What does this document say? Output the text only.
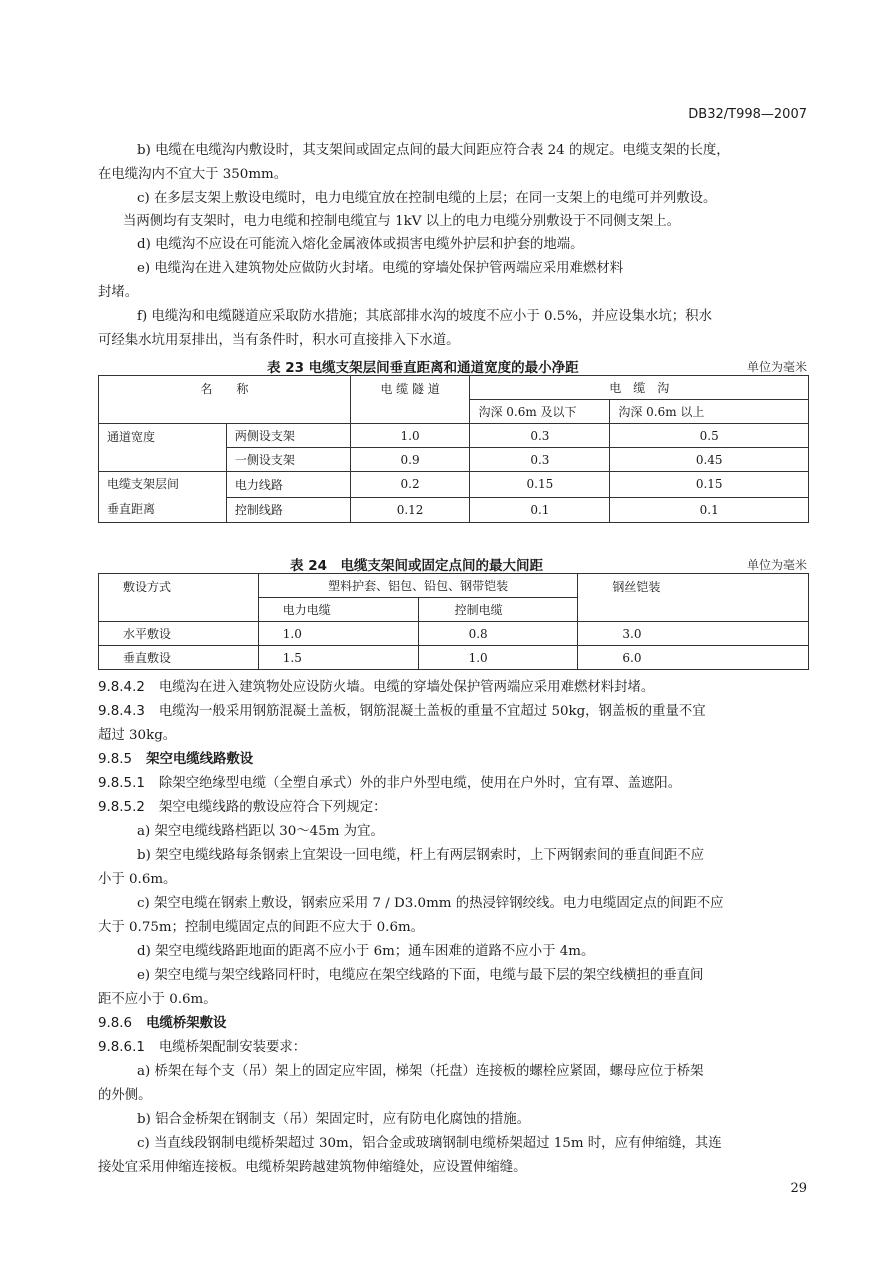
DB32/T998—2007
b) 电缆在电缆沟内敷设时，其支架间或固定点间的最大间距应符合表 24 的规定。电缆支架的长度，
在电缆沟内不宜大于 350mm。
c) 在多层支架上敷设电缆时，电力电缆宜放在控制电缆的上层；在同一支架上的电缆可并列敷设。
当两侧均有支架时，电力电缆和控制电缆宜与 1kV 以上的电力电缆分别敷设于不同侧支架上。
d) 电缆沟不应设在可能流入熔化金属液体或损害电缆外护层和护套的地端。
e) 电缆沟在进入建筑物处应做防火封堵。电缆的穿墙处保护管两端应采用难燃材料
封堵。
f) 电缆沟和电缆隧道应采取防水措施；其底部排水沟的坡度不应小于 0.5%，并应设集水坑；积水
可经集水坑用泵排出，当有条件时，积水可直接排入下水道。
表 23 电缆支架层间垂直距离和通道宽度的最小净距	单位为毫米
名　　称		电 缆 隧 道	电　缆　沟	
			沟深 0.6m 及以下	沟深 0.6m 以上
通道宽度	两侧设支架	1.0	0.3	0.5
	一侧设支架	0.9	0.3	0.45
电缆支架层间
垂直距离	电力线路	0.2	0.15	0.15
	控制线路	0.12	0.1	0.1
表 24　电缆支架间或固定点间的最大间距	单位为毫米
敷设方式	塑料护套、铝包、铅包、钢带铠装		钢丝铠装
	电力电缆	控制电缆	
水平敷设	1.0	0.8	3.0
垂直敷设	1.5	1.0	6.0
9.8.4.2 电缆沟在进入建筑物处应设防火墙。电缆的穿墙处保护管两端应采用难燃材料封堵。
9.8.4.3 电缆沟一般采用钢筋混凝土盖板，钢筋混凝土盖板的重量不宜超过 50kg，钢盖板的重量不宜
超过 30kg。
9.8.5 架空电缆线路敷设
9.8.5.1 除架空绝缘型电缆（全塑自承式）外的非户外型电缆，使用在户外时，宜有罩、盖遮阳。
9.8.5.2 架空电缆线路的敷设应符合下列规定：
a) 架空电缆线路档距以 30～45m 为宜。
b) 架空电缆线路每条钢索上宜架设一回电缆，杆上有两层钢索时，上下两钢索间的垂直间距不应
小于 0.6m。
c) 架空电缆在钢索上敷设，钢索应采用 7 / D3.0mm 的热浸锌钢绞线。电力电缆固定点的间距不应
大于 0.75m；控制电缆固定点的间距不应大于 0.6m。
d) 架空电缆线路距地面的距离不应小于 6m；通车困难的道路不应小于 4m。
e) 架空电缆与架空线路同杆时，电缆应在架空线路的下面，电缆与最下层的架空线横担的垂直间
距不应小于 0.6m。
9.8.6 电缆桥架敷设
9.8.6.1 电缆桥架配制安装要求：
a) 桥架在每个支（吊）架上的固定应牢固，梯架（托盘）连接板的螺栓应紧固，螺母应位于桥架
的外侧。
b) 铝合金桥架在钢制支（吊）架固定时，应有防电化腐蚀的措施。
c) 当直线段钢制电缆桥架超过 30m，铝合金或玻璃钢制电缆桥架超过 15m 时，应有伸缩缝，其连
接处宜采用伸缩连接板。电缆桥架跨越建筑物伸缩缝处，应设置伸缩缝。
29
